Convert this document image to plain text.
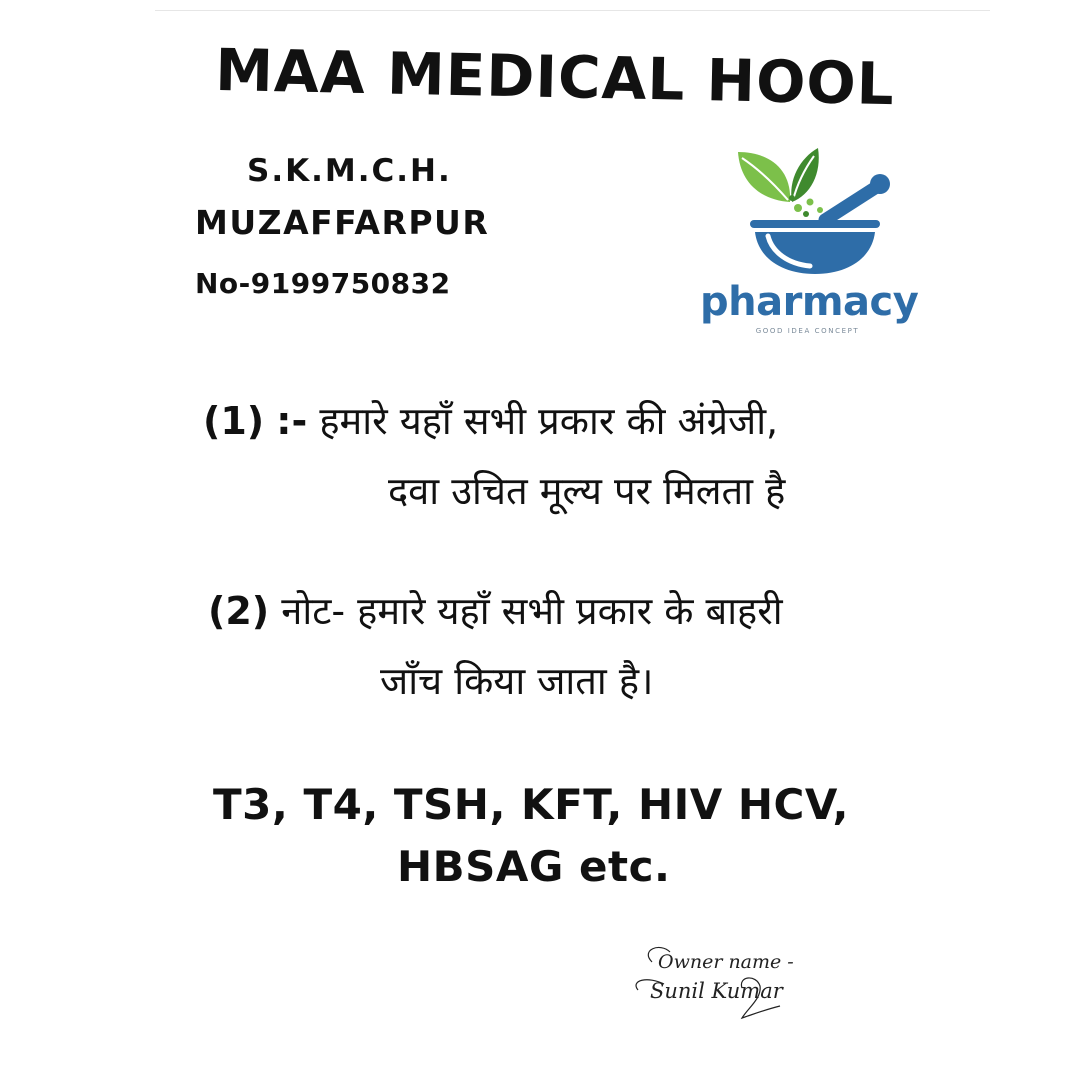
MAA MEDICAL HOOL
S.K.M.C.H.
MUZAFFARPUR
No-9199750832	pharmacy
GOOD IDEA CONCEPT
(1) :- हमारे यहाँ सभी प्रकार की अंग्रेजी,
दवा उचित मूल्य पर मिलता है
(2) नोट- हमारे यहाँ सभी प्रकार के बाहरी
जाँच किया जाता है।
T3, T4, TSH, KFT, HIV HCV,
HBSAG etc.
Owner name -
Sunil Kumar
